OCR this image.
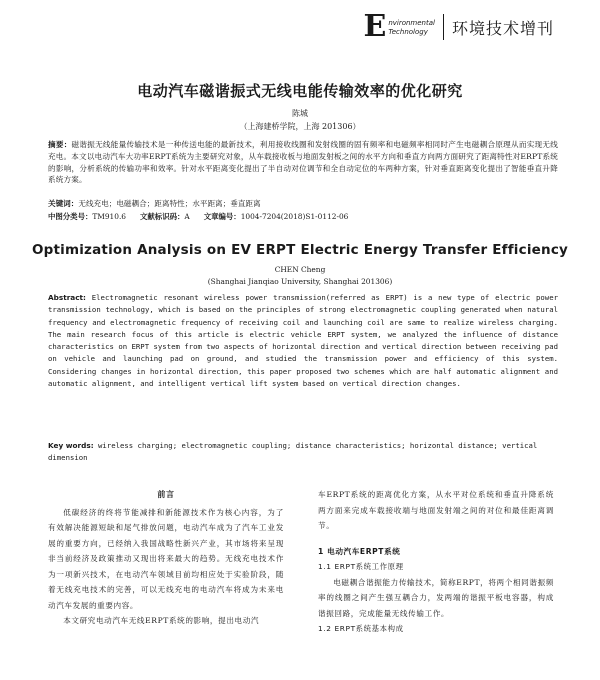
E nvironmental
Technology	环境技术增刊
电动汽车磁谐振式无线电能传输效率的优化研究
陈城
（上海建桥学院，上海 201306）
摘要：磁谐振无线能量传输技术是一种传送电能的最新技术，利用接收线圈和发射线圈的固有频率和电磁频率相同时产生电磁耦合原理从而实现无线充电。本文以电动汽车大功率ERPT系统为主要研究对象，从车载接收板与地面发射板之间的水平方向和垂直方向两方面研究了距离特性对ERPT系统的影响，分析系统的传输功率和效率。针对水平距离变化提出了半自动对位调节和全自动定位的车两种方案，针对垂直距离变化提出了智能垂直升降系统方案。
关键词：无线充电；电磁耦合；距离特性；水平距离；垂直距离
中图分类号：TM910.6 文献标识码：A 文章编号：1004-7204(2018)S1-0112-06
Optimization Analysis on EV ERPT Electric Energy Transfer Efficiency
CHEN Cheng
(Shanghai Jianqiao University, Shanghai 201306)
Abstract: Electromagnetic resonant wireless power transmission(referred as ERPT) is a new type of electric power transmission technology, which is based on the principles of strong electromagnetic coupling generated when natural frequency and electromagnetic frequency of receiving coil and launching coil are same to realize wireless charging. The main research focus of this article is electric vehicle ERPT system, we analyzed the influence of distance characteristics on ERPT system from two aspects of horizontal direction and vertical direction between receiving pad on vehicle and launching pad on ground, and studied the transmission power and efficiency of this system. Considering changes in horizontal direction, this paper proposed two schemes which are half automatic alignment and automatic alignment, and intelligent vertical lift system based on vertical direction changes.
Key words: wireless charging; electromagnetic coupling; distance characteristics; horizontal distance; vertical dimension
前言

低碳经济的终将节能减排和新能源技术作为核心内容，为了有效解决能源短缺和尾气排放问题，电动汽车成为了汽车工业发展的重要方向，已经纳入我国战略性新兴产业，其市场将来呈现非当前经济及政策推动又现出将来最大的趋势。无线充电技术作为一项新兴技术，在电动汽车领域目前均相应处于实验阶段，随着无线充电技术的完善，可以无线充电的电动汽车将成为未来电动汽车发展的重要内容。

本文研究电动汽车无线ERPT系统的影响，提出电动汽

车ERPT系统的距离优化方案，从水平对位系统和垂直升降系统两方面来完成车载接收端与地面发射端之间的对位和最佳距离调节。

1 电动汽车ERPT系统
1.1 ERPT系统工作原理

电磁耦合谐振能力传输技术，简称ERPT，将两个相同谐振频率的线圈之间产生强互耦合力，发两端的谐振平板电容器，构成谐振回路，完成能量无线传输工作。

1.2 ERPT系统基本构成
